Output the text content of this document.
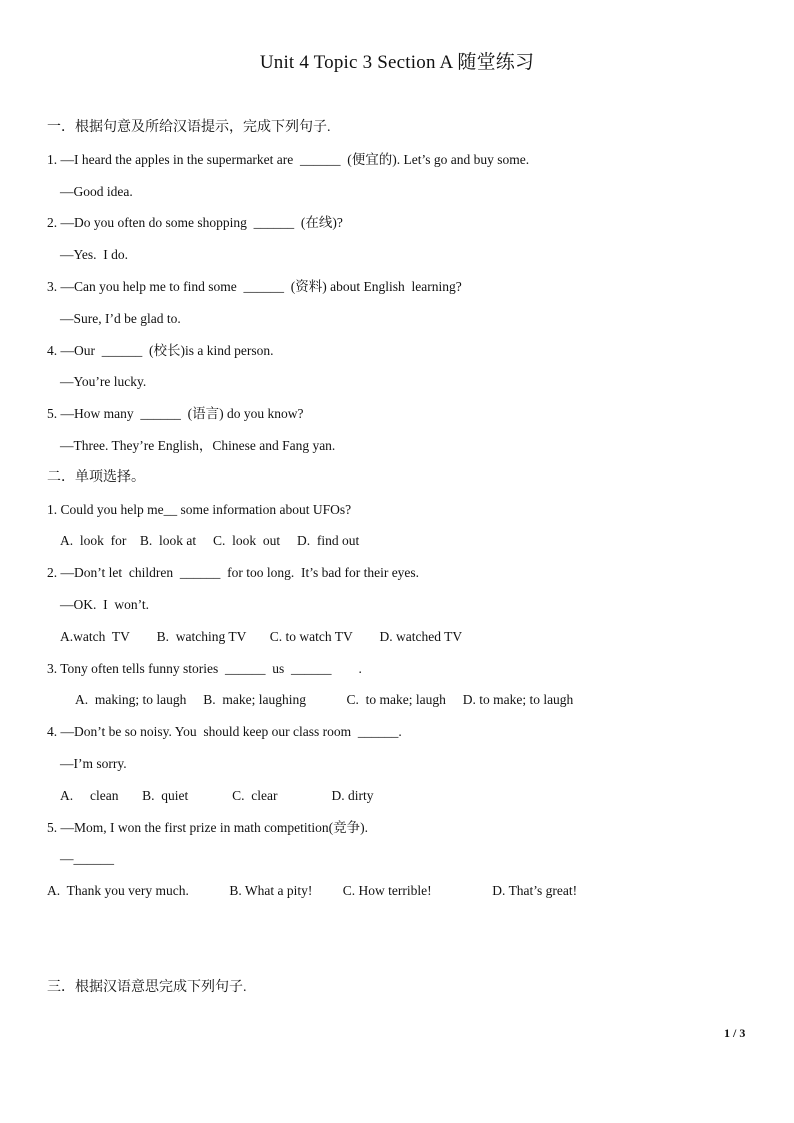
Unit 4 Topic 3 Section A 随堂练习
一．根据句意及所给汉语提示，完成下列句子.
1. —I heard the apples in the supermarket are  ______  (便宜的). Let’s go and buy some.
—Good idea.
2. —Do you often do some shopping  ______  (在线)?
—Yes.  I do.
3. —Can you help me to find some  ______  (资料) about English  learning?
—Sure, I’d be glad to.
4. —Our  ______  (校长)is a kind person.
—You’re lucky.
5. —How many  ______  (语言) do you know?
—Three. They’re English，Chinese and Fang yan.
二．单项选择。
1. Could you help me__ some information about UFOs?
A.  look  for    B.  look at     C.  look  out     D.  find out
2. —Don’t let  children  ______  for too long.  It’s bad for their eyes.
—OK.  I  won’t.
A.watch  TV        B.  watching TV       C. to watch TV        D. watched TV
3. Tony often tells funny stories  ______  us  ______        .
A.  making; to laugh     B.  make; laughing            C.  to make; laugh     D. to make; to laugh
4. —Don’t be so noisy. You  should keep our class room  ______.
—I’m sorry.
A.     clean       B.  quiet             C.  clear                D. dirty
5. —Mom, I won the first prize in math competition(竞争).
—______
A.  Thank you very much.            B. What a pity!         C. How terrible!                  D. That’s great!
三．根据汉语意思完成下列句子.
1 / 3
